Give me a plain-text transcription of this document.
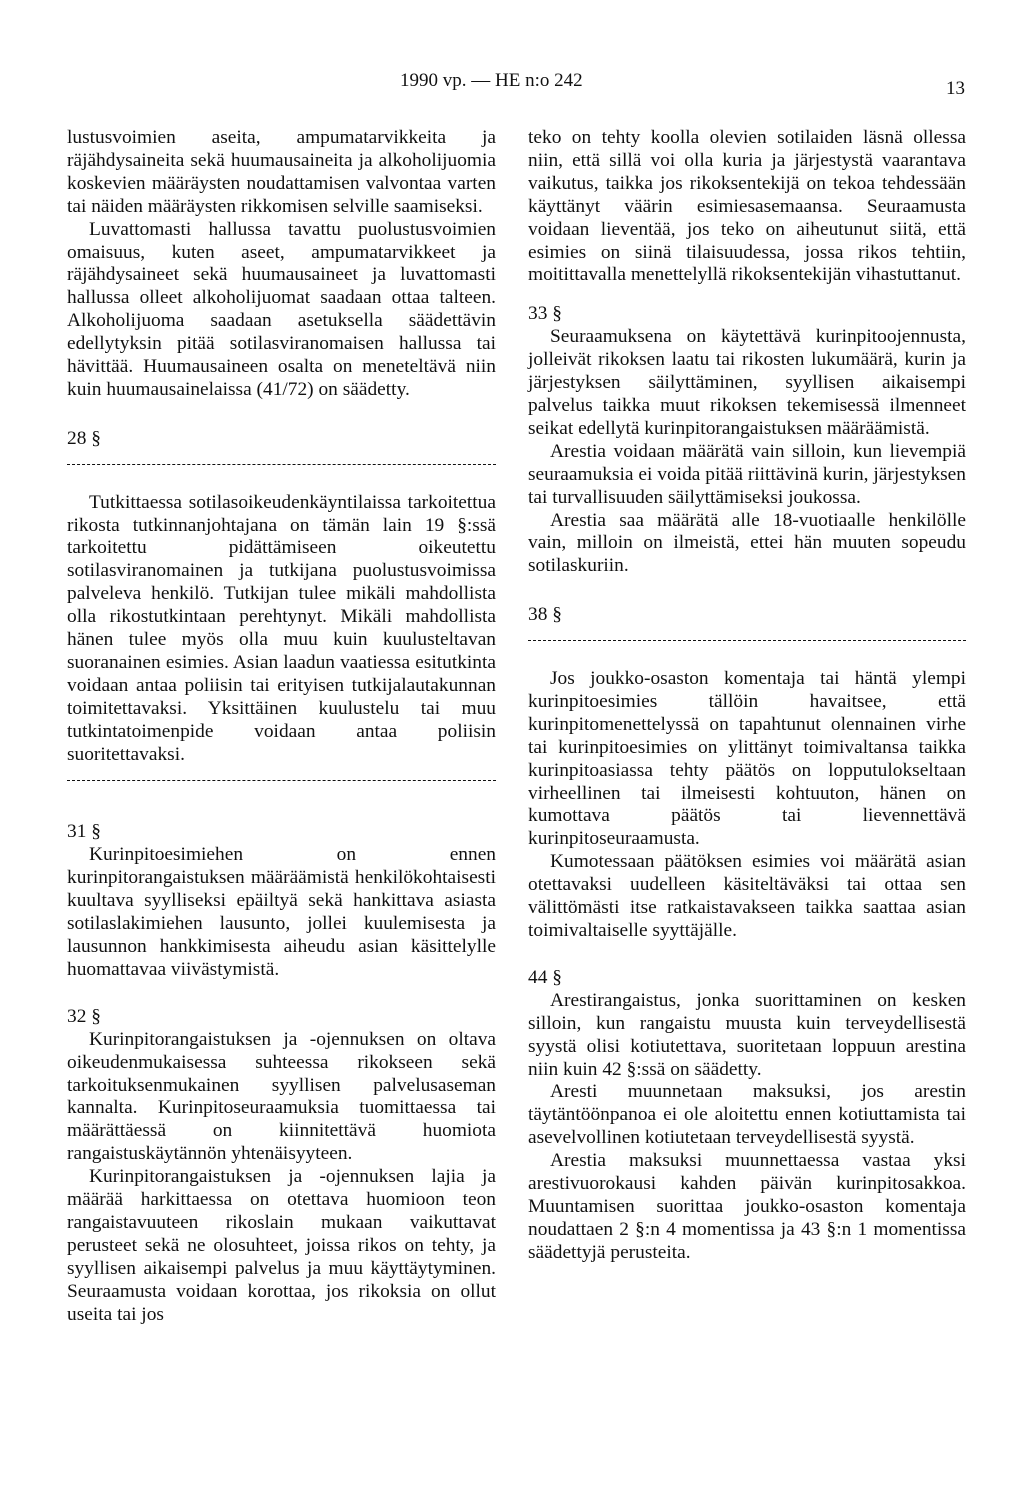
1990 vp. — HE n:o 242	13

lustusvoimien aseita, ampumatarvikkeita ja räjähdysaineita sekä huumausaineita ja alkoholijuomia koskevien määräysten noudattamisen valvontaa varten tai näiden määräysten rikkomisen selville saamiseksi.

Luvattomasti hallussa tavattu puolustusvoimien omaisuus, kuten aseet, ampumatarvikkeet ja räjähdysaineet sekä huumausaineet ja luvattomasti hallussa olleet alkoholijuomat saadaan ottaa talteen. Alkoholijuoma saadaan asetuksella säädettävin edellytyksin pitää sotilasviranomaisen hallussa tai hävittää. Huumausaineen osalta on meneteltävä niin kuin huumausainelaissa (41/72) on säädetty.

28 §

Tutkittaessa sotilasoikeudenkäyntilaissa tarkoitettua rikosta tutkinnanjohtajana on tämän lain 19 §:ssä tarkoitettu pidättämiseen oikeutettu sotilasviranomainen ja tutkijana puolustusvoimissa palveleva henkilö. Tutkijan tulee mikäli mahdollista olla rikostutkintaan perehtynyt. Mikäli mahdollista hänen tulee myös olla muu kuin kuulusteltavan suoranainen esimies. Asian laadun vaatiessa esitutkinta voidaan antaa poliisin tai erityisen tutkijalautakunnan toimitettavaksi. Yksittäinen kuulustelu tai muu tutkintatoimenpide voidaan antaa poliisin suoritettavaksi.

31 §

Kurinpitoesimiehen on ennen kurinpitorangaistuksen määräämistä henkilökohtaisesti kuultava syylliseksi epäiltyä sekä hankittava asiasta sotilaslakimiehen lausunto, jollei kuulemisesta ja lausunnon hankkimisesta aiheudu asian käsittelylle huomattavaa viivästymistä.

32 §

Kurinpitorangaistuksen ja -ojennuksen on oltava oikeudenmukaisessa suhteessa rikokseen sekä tarkoituksenmukainen syyllisen palvelusaseman kannalta. Kurinpitoseuraamuksia tuomittaessa tai määrättäessä on kiinnitettävä huomiota rangaistuskäytännön yhtenäisyyteen.

Kurinpitorangaistuksen ja -ojennuksen lajia ja määrää harkittaessa on otettava huomioon teon rangaistavuuteen rikoslain mukaan vaikuttavat perusteet sekä ne olosuhteet, joissa rikos on tehty, ja syyllisen aikaisempi palvelus ja muu käyttäytyminen. Seuraamusta voidaan korottaa, jos rikoksia on ollut useita tai jos

teko on tehty koolla olevien sotilaiden läsnä ollessa niin, että sillä voi olla kuria ja järjestystä vaarantava vaikutus, taikka jos rikoksentekijä on tekoa tehdessään käyttänyt väärin esimiesasemaansa. Seuraamusta voidaan lieventää, jos teko on aiheutunut siitä, että esimies on siinä tilaisuudessa, jossa rikos tehtiin, moitittavalla menettelyllä rikoksentekijän vihastuttanut.

33 §

Seuraamuksena on käytettävä kurinpitoojennusta, jolleivät rikoksen laatu tai rikosten lukumäärä, kurin ja järjestyksen säilyttäminen, syyllisen aikaisempi palvelus taikka muut rikoksen tekemisessä ilmenneet seikat edellytä kurinpitorangaistuksen määräämistä.

Arestia voidaan määrätä vain silloin, kun lievempiä seuraamuksia ei voida pitää riittävinä kurin, järjestyksen tai turvallisuuden säilyttämiseksi joukossa.

Arestia saa määrätä alle 18-vuotiaalle henkilölle vain, milloin on ilmeistä, ettei hän muuten sopeudu sotilaskuriin.

38 §

Jos joukko-osaston komentaja tai häntä ylempi kurinpitoesimies tällöin havaitsee, että kurinpitomenettelyssä on tapahtunut olennainen virhe tai kurinpitoesimies on ylittänyt toimivaltansa taikka kurinpitoasiassa tehty päätös on lopputulokseltaan virheellinen tai ilmeisesti kohtuuton, hänen on kumottava päätös tai lievennettävä kurinpitoseuraamusta.

Kumotessaan päätöksen esimies voi määrätä asian otettavaksi uudelleen käsiteltäväksi tai ottaa sen välittömästi itse ratkaistavakseen taikka saattaa asian toimivaltaiselle syyttäjälle.

44 §

Arestirangaistus, jonka suorittaminen on kesken silloin, kun rangaistu muusta kuin terveydellisestä syystä olisi kotiutettava, suoritetaan loppuun arestina niin kuin 42 §:ssä on säädetty.

Aresti muunnetaan maksuksi, jos arestin täytäntöönpanoa ei ole aloitettu ennen kotiuttamista tai asevelvollinen kotiutetaan terveydellisestä syystä.

Arestia maksuksi muunnettaessa vastaa yksi arestivuorokausi kahden päivän kurinpitosakkoa. Muuntamisen suorittaa joukko-osaston komentaja noudattaen 2 §:n 4 momentissa ja 43 §:n 1 momentissa säädettyjä perusteita.
